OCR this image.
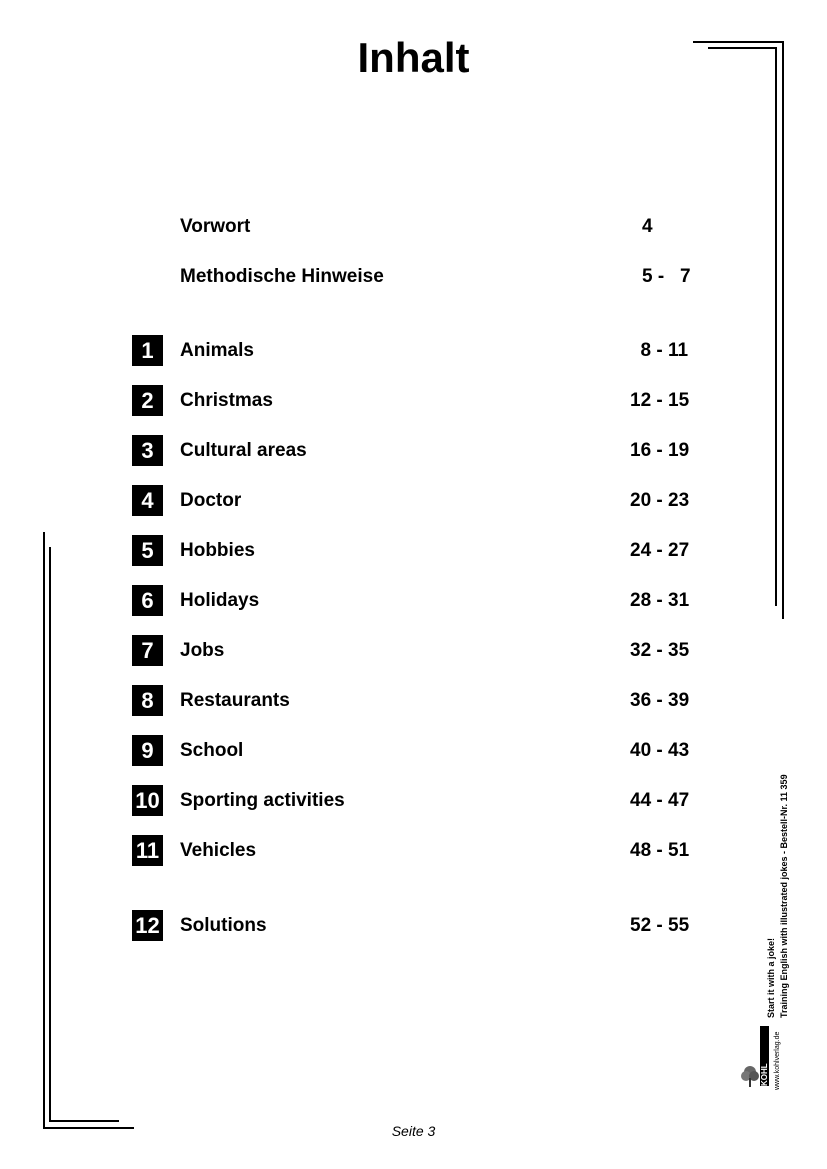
Inhalt
Vorwort	4
Methodische Hinweise	5 -   7
1	Animals	8 - 11
2	Christmas	12 - 15
3	Cultural areas	16 - 19
4	Doctor	20 - 23
5	Hobbies	24 - 27
6	Holidays	28 - 31
7	Jobs	32 - 35
8	Restaurants	36 - 39
9	School	40 - 43
10 Sporting activities	44 - 47
11 Vehicles	48 - 51
12 Solutions	52 - 55
KOHL www.kohlverlag.de
Start it with a joke! Training English with illustrated jokes - Bestell-Nr. 11 359
Seite 3
